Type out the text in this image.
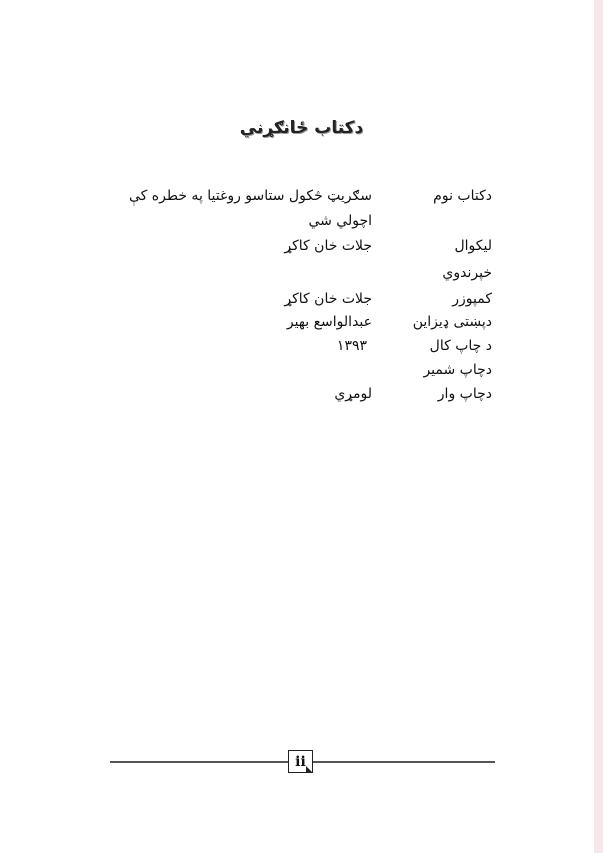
دکتاب ځانګړني
دکتاب نوم
سګریټ څکول ستاسو روغتیا په خطره کې
اچولي شي
لیکوال
جلات خان کاکړ
خپرندوي
کمپوزر
جلات خان کاکړ
دپښتی ډیزاین
عبدالواسع بهیر
د چاپ کال
۱۳۹۳
دچاپ شمیر
دچاپ وار
لومړي
ii
